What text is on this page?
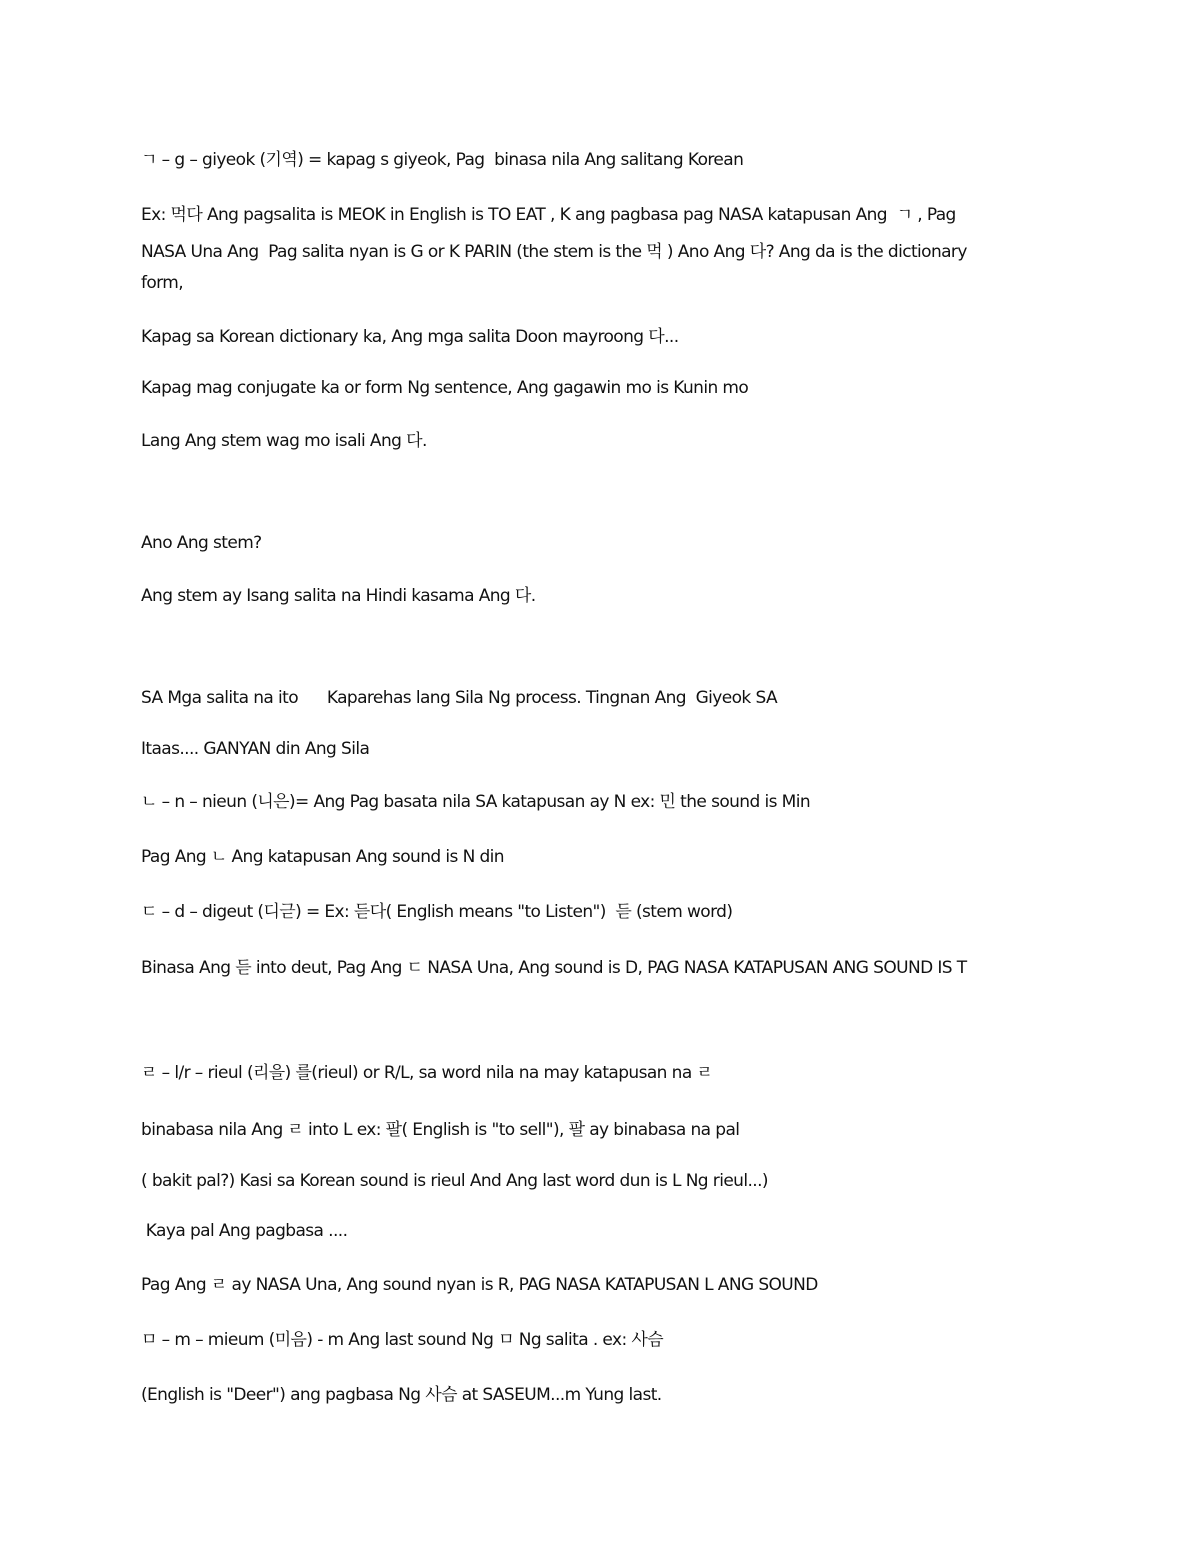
ㄱ – g – giyeok (기역) = kapag s giyeok, Pag  binasa nila Ang salitang Korean
Ex: 먹다 Ang pagsalita is MEOK in English is TO EAT , K ang pagbasa pag NASA katapusan Ang  ㄱ , Pag
NASA Una Ang  Pag salita nyan is G or K PARIN (the stem is the 먹 ) Ano Ang 다? Ang da is the dictionary
form,
Kapag sa Korean dictionary ka, Ang mga salita Doon mayroong 다...
Kapag mag conjugate ka or form Ng sentence, Ang gagawin mo is Kunin mo
Lang Ang stem wag mo isali Ang 다.
Ano Ang stem?
Ang stem ay Isang salita na Hindi kasama Ang 다.
SA Mga salita na ito      Kaparehas lang Sila Ng process. Tingnan Ang  Giyeok SA
Itaas.... GANYAN din Ang Sila
ㄴ – n – nieun (니은)= Ang Pag basata nila SA katapusan ay N ex: 민 the sound is Min
Pag Ang ㄴ Ang katapusan Ang sound is N din
ㄷ – d – digeut (디귿) = Ex: 듣다( English means "to Listen")  듣 (stem word)
Binasa Ang 듣 into deut, Pag Ang ㄷ NASA Una, Ang sound is D, PAG NASA KATAPUSAN ANG SOUND IS T
ㄹ – l/r – rieul (리을) 를(rieul) or R/L, sa word nila na may katapusan na ㄹ
binabasa nila Ang ㄹ into L ex: 팔( English is "to sell"), 팔 ay binabasa na pal
( bakit pal?) Kasi sa Korean sound is rieul And Ang last word dun is L Ng rieul...)
Kaya pal Ang pagbasa ....
Pag Ang ㄹ ay NASA Una, Ang sound nyan is R, PAG NASA KATAPUSAN L ANG SOUND
ㅁ – m – mieum (미음) - m Ang last sound Ng ㅁ Ng salita . ex: 사슴
(English is "Deer") ang pagbasa Ng 사슴 at SASEUM...m Yung last.
